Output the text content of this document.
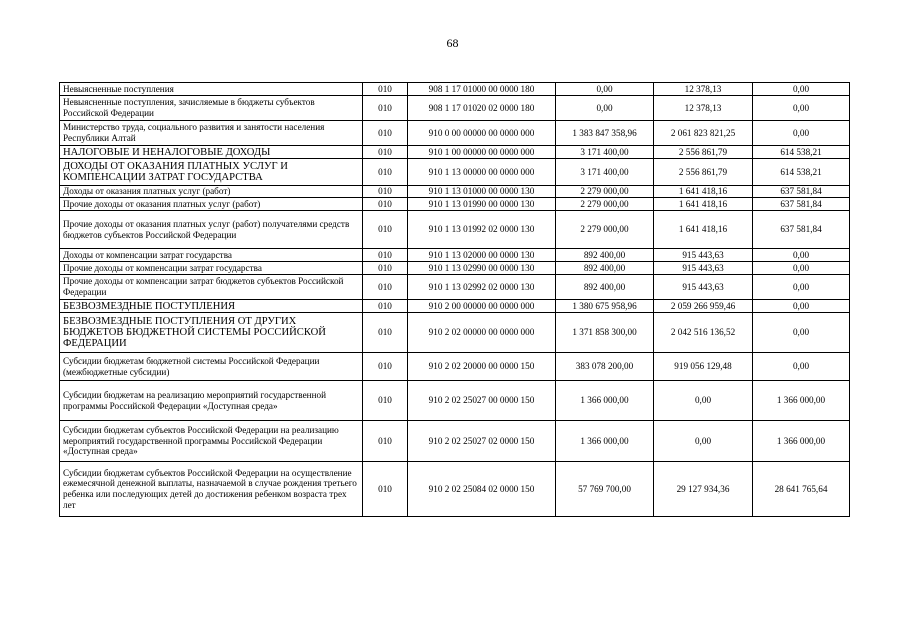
68
Невыясненные поступления	010	908 1 17 01000 00 0000 180	0,00	12 378,13	0,00
Невыясненные поступления, зачисляемые в бюджеты субъектов Российской Федерации	010	908 1 17 01020 02 0000 180	0,00	12 378,13	0,00
Министерство труда, социального развития и занятости населения Республики Алтай	010	910 0 00 00000 00 0000 000	1 383 847 358,96	2 061 823 821,25	0,00
НАЛОГОВЫЕ И НЕНАЛОГОВЫЕ ДОХОДЫ	010	910 1 00 00000 00 0000 000	3 171 400,00	2 556 861,79	614 538,21
ДОХОДЫ ОТ ОКАЗАНИЯ ПЛАТНЫХ УСЛУГ И КОМПЕНСАЦИИ ЗАТРАТ ГОСУДАРСТВА	010	910 1 13 00000 00 0000 000	3 171 400,00	2 556 861,79	614 538,21
Доходы от оказания платных услуг (работ)	010	910 1 13 01000 00 0000 130	2 279 000,00	1 641 418,16	637 581,84
Прочие доходы от оказания платных услуг (работ)	010	910 1 13 01990 00 0000 130	2 279 000,00	1 641 418,16	637 581,84
Прочие доходы от оказания платных услуг (работ) получателями средств бюджетов субъектов Российской Федерации	010	910 1 13 01992 02 0000 130	2 279 000,00	1 641 418,16	637 581,84
Доходы от компенсации затрат государства	010	910 1 13 02000 00 0000 130	892 400,00	915 443,63	0,00
Прочие доходы от компенсации затрат государства	010	910 1 13 02990 00 0000 130	892 400,00	915 443,63	0,00
Прочие доходы от компенсации затрат бюджетов субъектов Российской Федерации	010	910 1 13 02992 02 0000 130	892 400,00	915 443,63	0,00
БЕЗВОЗМЕЗДНЫЕ ПОСТУПЛЕНИЯ	010	910 2 00 00000 00 0000 000	1 380 675 958,96	2 059 266 959,46	0,00
БЕЗВОЗМЕЗДНЫЕ ПОСТУПЛЕНИЯ ОТ ДРУГИХ БЮДЖЕТОВ БЮДЖЕТНОЙ СИСТЕМЫ РОССИЙСКОЙ ФЕДЕРАЦИИ	010	910 2 02 00000 00 0000 000	1 371 858 300,00	2 042 516 136,52	0,00
Субсидии бюджетам бюджетной системы Российской Федерации (межбюджетные субсидии)	010	910 2 02 20000 00 0000 150	383 078 200,00	919 056 129,48	0,00
Субсидии бюджетам на реализацию мероприятий государственной программы Российской Федерации «Доступная среда»	010	910 2 02 25027 00 0000 150	1 366 000,00	0,00	1 366 000,00
Субсидии бюджетам субъектов Российской Федерации на реализацию мероприятий государственной программы Российской Федерации «Доступная среда»	010	910 2 02 25027 02 0000 150	1 366 000,00	0,00	1 366 000,00
Субсидии бюджетам субъектов Российской Федерации на осуществление ежемесячной денежной выплаты, назначаемой в случае рождения третьего ребенка или последующих детей до достижения ребенком возраста трех лет	010	910 2 02 25084 02 0000 150	57 769 700,00	29 127 934,36	28 641 765,64
